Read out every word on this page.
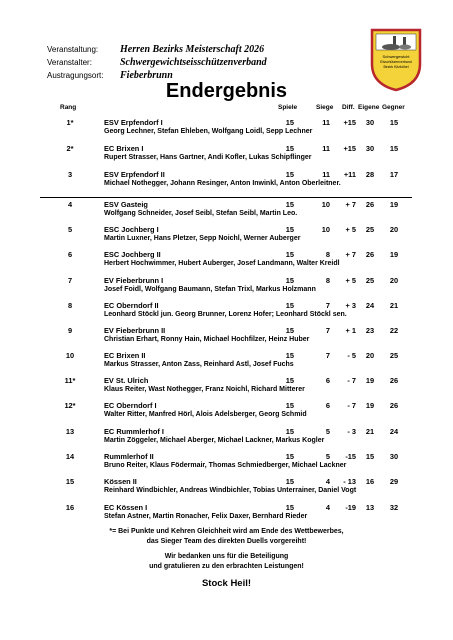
Veranstaltung: Herren Bezirks Meisterschaft 2026
Veranstalter:	Schwergewichtseisschützenverband
Austragungsort: Fieberbrunn
Schwergewicht
Eisschützenverband
Bezirk Kitzbühel
Endergebnis
Rang	Spiele	Siege Diff. Eigene Gegner
1*	ESV Erpfendorf I	15	11	+15	30	15
Georg Lechner, Stefan Ehleben, Wolfgang Loidl, Sepp Lechner
2*	EC Brixen I	15	11	+15	30	15
Rupert Strasser, Hans Gartner, Andi Kofler, Lukas Schipflinger
3	ESV Erpfendorf II	15	11	+11	28	17
Michael Nothegger, Johann Resinger, Anton Inwinkl, Anton Oberleitner.
4	ESV Gasteig	15	10	+ 7	26	19
Wolfgang Schneider, Josef Seibl, Stefan Seibl, Martin Leo.
5	ESC Jochberg I	15	10	+ 5	25	20
Martin Luxner, Hans Pletzer, Sepp Noichl, Werner Auberger
6	ESC Jochberg II	15	8	+ 7	26	19
Herbert Hochwimmer, Hubert Auberger, Josef Landmann, Walter Kreidl
7	EV Fieberbrunn I	15	8	+ 5	25	20
Josef Foidl, Wolfgang Baumann, Stefan Trixl, Markus Holzmann
8	EC Oberndorf II	15	7	+ 3	24	21
Leonhard Stöckl jun. Georg Brunner, Lorenz Hofer; Leonhard Stöckl sen.
9	EV Fieberbrunn II	15	7	+ 1	23	22
Christian Erhart, Ronny Hain, Michael Hochfilzer, Heinz Huber
10	EC Brixen II	15	7	- 5	20	25
Markus Strasser, Anton Zass, Reinhard Astl, Josef Fuchs
11*	EV St. Ulrich	15	6	- 7	19	26
Klaus Reiter, Wast Nothegger, Franz Noichl, Richard Mitterer
12*	EC Oberndorf I	15	6	- 7	19	26
Walter Ritter, Manfred Hörl, Alois Adelsberger, Georg Schmid
13	EC Rummlerhof I	15	5	- 3	21	24
Martin Zöggeler, Michael Aberger, Michael Lackner, Markus Kogler
14	Rummlerhof II	15	5	-15	15	30
Bruno Reiter, Klaus Födermair, Thomas Schmiedberger, Michael Lackner
15	Kössen II	15	4	- 13	16	29
Reinhard Windbichler, Andreas Windbichler, Tobias Unterrainer, Daniel Vogt
16	EC Kössen I	15	4	-19	13	32
Stefan Astner, Martin Ronacher, Felix Daxer, Bernhard Rieder
*= Bei Punkte und Kehren Gleichheit wird am Ende des Wettbewerbes,
das Sieger Team des direkten Duells vorgereiht!
Wir bedanken uns für die Beteiligung
und gratulieren zu den erbrachten Leistungen!
Stock Heil!
